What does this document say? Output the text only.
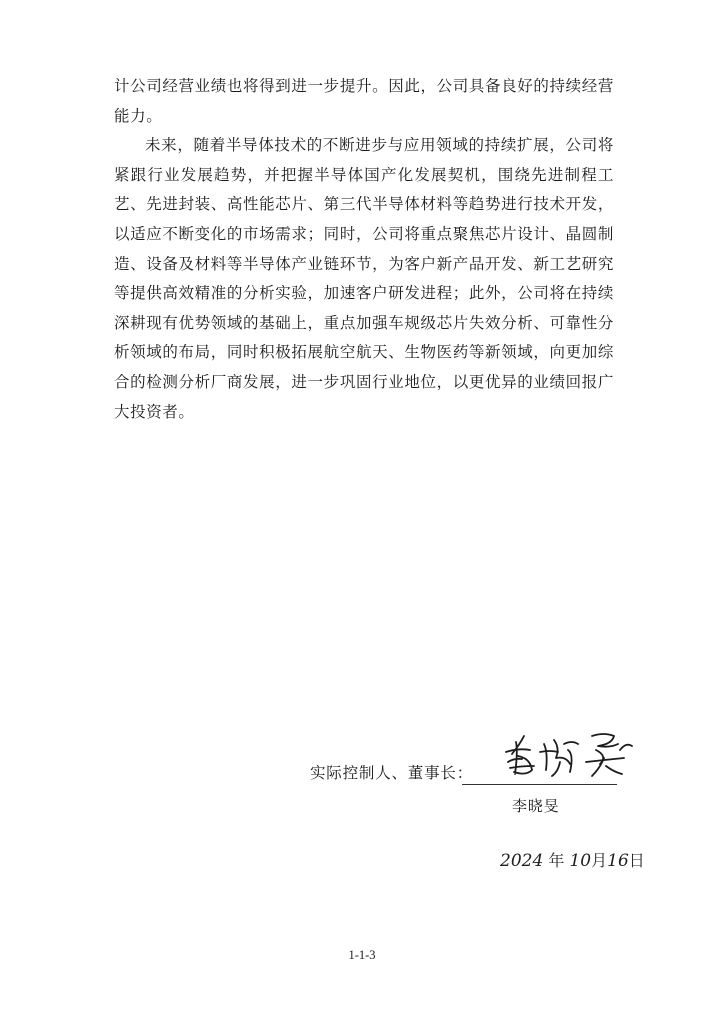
计公司经营业绩也将得到进一步提升。因此，公司具备良好的持续经营能力。

未来，随着半导体技术的不断进步与应用领域的持续扩展，公司将紧跟行业发展趋势，并把握半导体国产化发展契机，围绕先进制程工艺、先进封装、高性能芯片、第三代半导体材料等趋势进行技术开发，以适应不断变化的市场需求；同时，公司将重点聚焦芯片设计、晶圆制造、设备及材料等半导体产业链环节，为客户新产品开发、新工艺研究等提供高效精准的分析实验，加速客户研发进程；此外，公司将在持续深耕现有优势领域的基础上，重点加强车规级芯片失效分析、可靠性分析领域的布局，同时积极拓展航空航天、生物医药等新领域，向更加综合的检测分析厂商发展，进一步巩固行业地位，以更优异的业绩回报广大投资者。

实际控制人、董事长：
李晓旻
2024 年 10月16日
1-1-3
